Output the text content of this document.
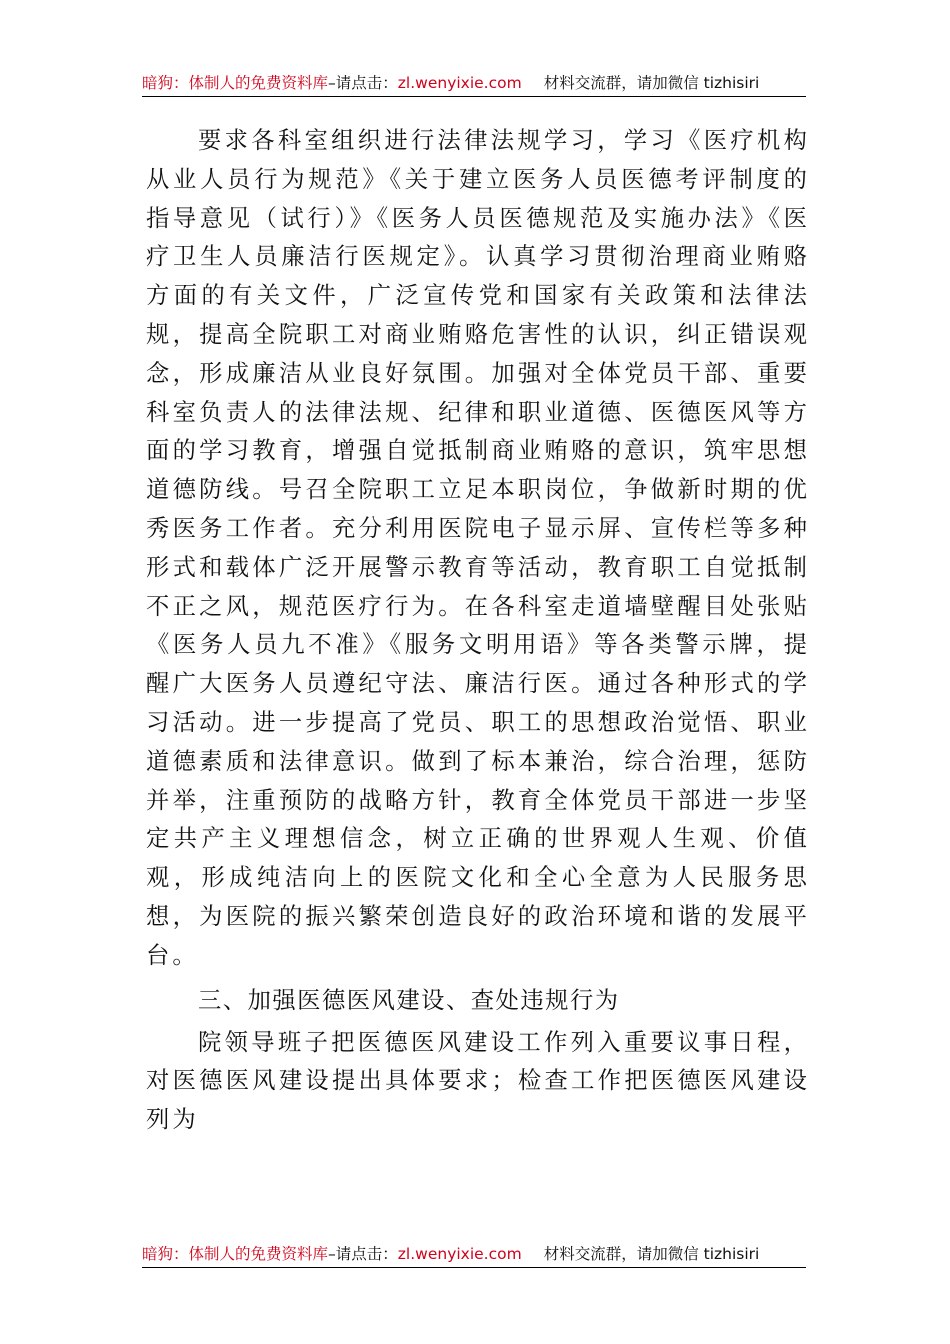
暗狗：体制人的免费资料库–请点击：zl.wenyixie.com 材料交流群，请加微信 tizhisiri

要求各科室组织进行法律法规学习，学习《医疗机构从业人员行为规范》《关于建立医务人员医德考评制度的指导意见（试行）》《医务人员医德规范及实施办法》《医疗卫生人员廉洁行医规定》。认真学习贯彻治理商业贿赂方面的有关文件，广泛宣传党和国家有关政策和法律法规，提高全院职工对商业贿赂危害性的认识，纠正错误观念，形成廉洁从业良好氛围。加强对全体党员干部、重要科室负责人的法律法规、纪律和职业道德、医德医风等方面的学习教育，增强自觉抵制商业贿赂的意识，筑牢思想道德防线。号召全院职工立足本职岗位，争做新时期的优秀医务工作者。充分利用医院电子显示屏、宣传栏等多种形式和载体广泛开展警示教育等活动，教育职工自觉抵制不正之风，规范医疗行为。在各科室走道墙壁醒目处张贴《医务人员九不准》《服务文明用语》等各类警示牌，提醒广大医务人员遵纪守法、廉洁行医。通过各种形式的学习活动。进一步提高了党员、职工的思想政治觉悟、职业道德素质和法律意识。做到了标本兼治，综合治理，惩防并举，注重预防的战略方针，教育全体党员干部进一步坚定共产主义理想信念，树立正确的世界观人生观、价值观，形成纯洁向上的医院文化和全心全意为人民服务思想，为医院的振兴繁荣创造良好的政治环境和谐的发展平台。

三、加强医德医风建设、查处违规行为

院领导班子把医德医风建设工作列入重要议事日程，对医德医风建设提出具体要求；检查工作把医德医风建设列为

暗狗：体制人的免费资料库–请点击：zl.wenyixie.com 材料交流群，请加微信 tizhisiri
